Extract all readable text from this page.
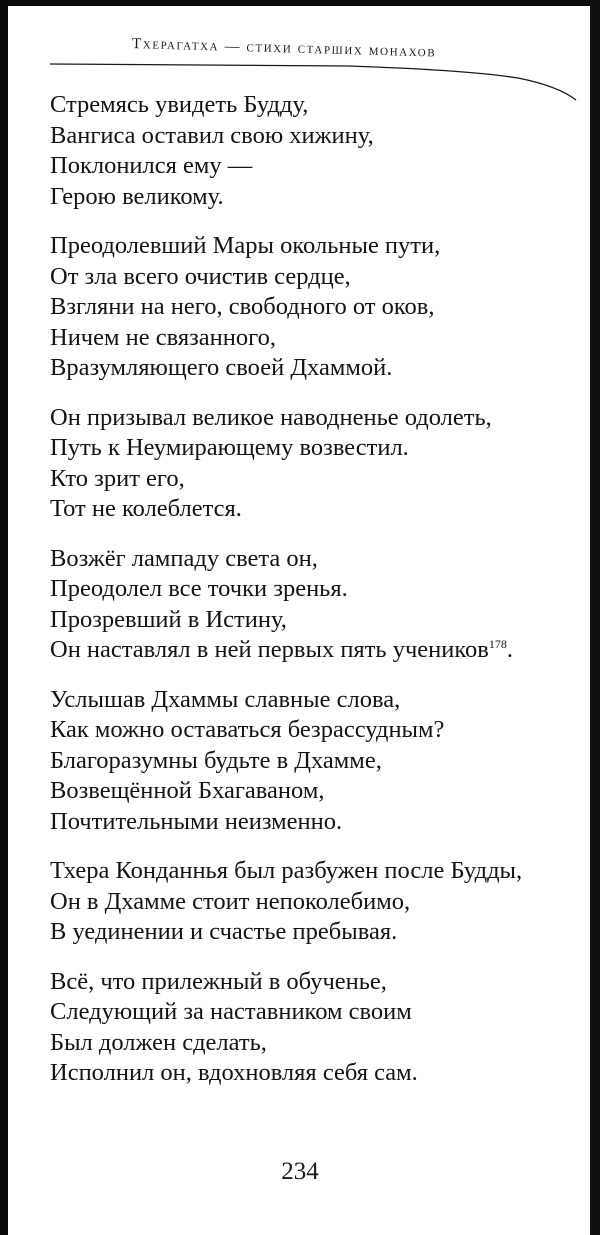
Тхерагатха — стихи старших монахов
Стремясь увидеть Будду,
Вангиса оставил свою хижину,
Поклонился ему —
Герою великому.
Преодолевший Мары окольные пути,
От зла всего очистив сердце,
Взгляни на него, свободного от оков,
Ничем не связанного,
Вразумляющего своей Дхаммой.
Он призывал великое наводненье одолеть,
Путь к Неумирающему возвестил.
Кто зрит его,
Тот не колеблется.
Возжёг лампаду света он,
Преодолел все точки зренья.
Прозревший в Истину,
Он наставлял в ней первых пять учеников$^{178}$.
Услышав Дхаммы славные слова,
Как можно оставаться безрассудным?
Благоразумны будьте в Дхамме,
Возвещённой Бхагаваном,
Почтительными неизменно.
Тхера Конданнья был разбужен после Будды,
Он в Дхамме стоит непоколебимо,
В уединении и счастье пребывая.
Всё, что прилежный в обученье,
Следующий за наставником своим
Был должен сделать,
Исполнил он, вдохновляя себя сам.
234
